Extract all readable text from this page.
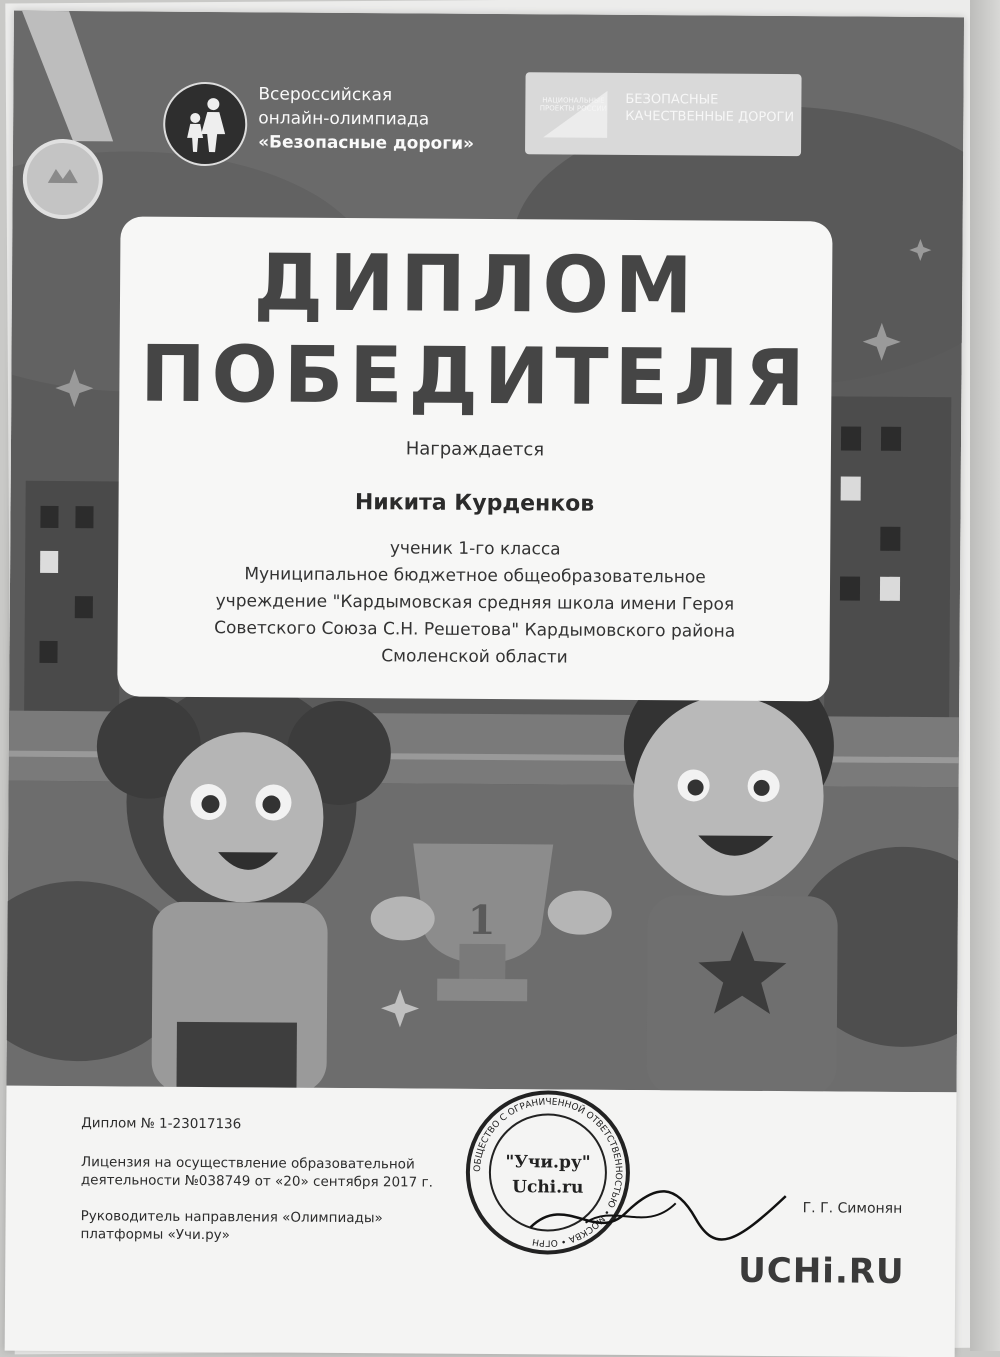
1
Всероссийская
онлайн-олимпиада
«Безопасные дороги»
НАЦИОНАЛЬНЫЕ ПРОЕКТЫ РОССИИ
БЕЗОПАСНЫЕ
КАЧЕСТВЕННЫЕ ДОРОГИ
ДИПЛОМ
ПОБЕДИТЕЛЯ
Награждается
Никита Курденков
ученик 1-го класса
Муниципальное бюджетное общеобразовательное
учреждение "Кардымовская средняя школа имени Героя
Советского Союза С.Н. Решетова" Кардымовского района
Смоленской области
Диплом № 1-23017136
Лицензия на осуществление образовательной
деятельности №038749 от «20» сентября 2017 г.
Руководитель направления «Олимпиады»
платформы «Учи.ру»
ОБЩЕСТВО С ОГРАНИЧЕННОЙ ОТВЕТСТВЕННОСТЬЮ • МОСКВА • ОГРН
"Учи.ру"
Uchi.ru
Г. Г. Симонян
UCHi.RU
